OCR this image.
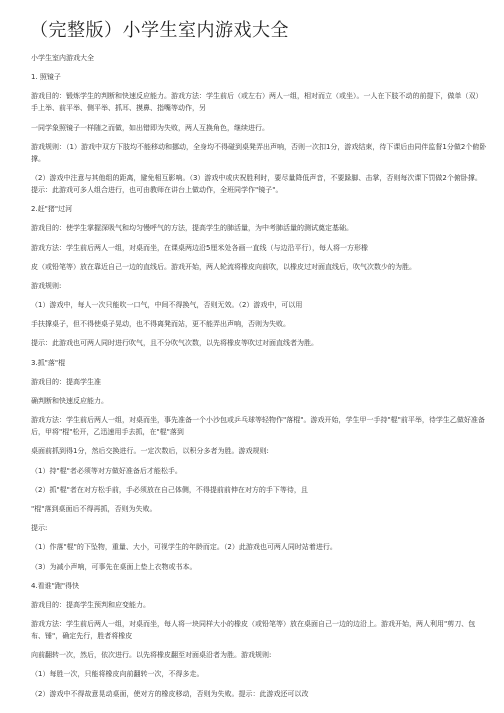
（完整版）小学生室内游戏大全

小学生室内游戏大全

1. 照镜子

游戏目的：锻炼学生的判断和快速反应能力。游戏方法：学生前后（或左右）两人一组，相对而立（或坐）。一人在下肢不动的前提下，做单（双）手上举、前平举、侧平举、抓耳、摸鼻、指嘴等动作，另

一同学象照镜子一样随之而做，如出错即为失败，两人互换角色，继续进行。

游戏规则：（1）游戏中双方下肢均不能移动和挪动，全身均不得碰到桌凳弄出声响，否则一次扣1分，游戏结束，待下课后由同伴监督1分做2个俯卧撑。

（2）游戏中注意与其他组的距离，避免相互影响。（3）游戏中或庆祝胜利时，要尽量降低声音，不要跺脚、击掌，否则每次课下罚做2个俯卧撑。提示：此游戏可多人组合进行，也可由教师在讲台上做动作，全班同学作"镜子"。

2.赶"猪"过河

游戏目的：使学生掌握深吸气和均匀慢呼气的方法，提高学生的肺活量，为中考肺活量的测试奠定基础。

游戏方法：学生前后两人一组，对桌而坐，在课桌两边沿5厘米处各画一直线（与边沿平行），每人将一方形橡

皮（或铅笔等）放在靠近自己一边的直线后。游戏开始，两人轮流将橡皮向前吹，以橡皮过对面直线后，吹气次数少的为胜。

游戏规则:

（1）游戏中，每人一次只能吹一口气，中间不得换气，否则无效。（2）游戏中，可以用

手扶撑桌子，但不得使桌子晃动，也不得离凳而站，更不能弄出声响，否则为失败。

提示：此游戏也可两人同时进行吹气，且不分吹气次数，以先将橡皮等吹过对面直线者为胜。

3.抓"落"棍

游戏目的：提高学生准

确判断和快速反应能力。

游戏方法：学生前后两人一组，对桌而坐，事先准备一个小沙包或乒乓球等轻物作"落棍"。游戏开始，学生甲一手持"棍"前平举，待学生乙做好准备后，甲将"棍"松开，乙迅速用手去抓，在"棍"落到

桌面前抓到得1分，然后交换进行。一定次数后，以积分多者为胜。游戏规则:

（1）持"棍"者必须等对方做好准备后才能松手。

（2）抓"棍"者在对方松手前，手必须放在自己体侧，不得提前前伸在对方的手下等待，且

"棍"落到桌面后不得再抓，否则为失败。

提示:

（1）作落"棍"的下坠物，重量、大小，可视学生的年龄而定。（2）此游戏也可两人同时站着进行。

（3）为减小声响，可事先在桌面上垫上衣物或书本。

4.看谁"跑"得快

游戏目的：提高学生预判和应变能力。

游戏方法：学生前后两人一组，对桌而坐，每人将一块同样大小的橡皮（或铅笔等）放在桌面自己一边的边沿上。游戏开始，两人利用"剪刀、包布、锤"，确定先行，胜者将橡皮

向前翻转一次，然后，依次进行。以先将橡皮翻至对面桌沿者为胜。游戏规则:

（1）每胜一次，只能将橡皮向前翻转一次，不得多走。

（2）游戏中不得故意晃动桌面，使对方的橡皮移动，否则为失败。提示：此游戏还可以改
